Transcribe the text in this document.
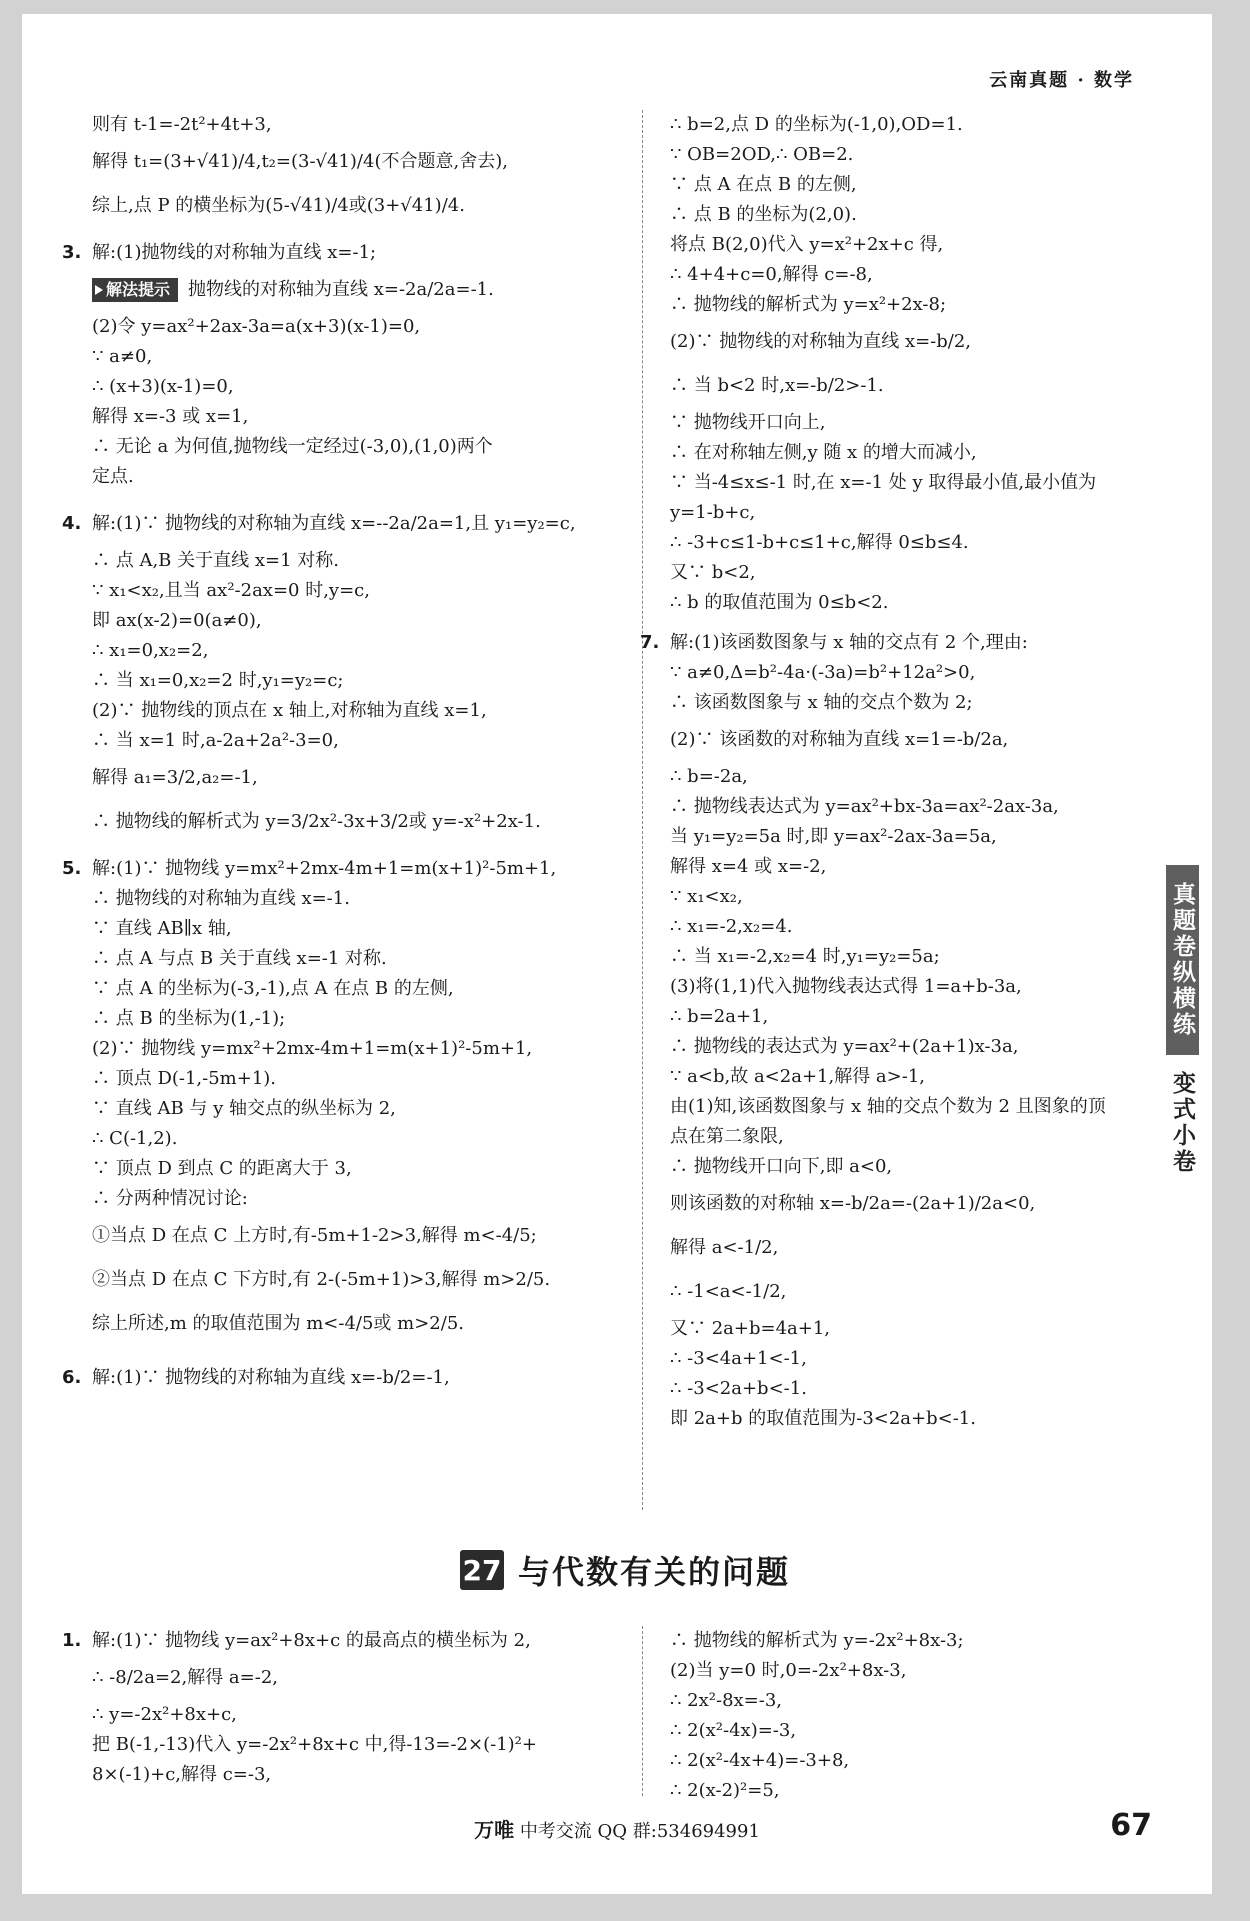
云南真题 · 数学
则有 t-1=-2t²+4t+3,
解得 t₁=(3+√41)/4,t₂=(3-√41)/4(不合题意,舍去),
综上,点 P 的横坐标为(5-√41)/4或(3+√41)/4.
3. 解:(1)抛物线的对称轴为直线 x=-1;
解法提示 抛物线的对称轴为直线 x=-2a/2a=-1.
(2)令 y=ax²+2ax-3a=a(x+3)(x-1)=0,
∵ a≠0,
∴ (x+3)(x-1)=0,
解得 x=-3 或 x=1,
∴ 无论 a 为何值,抛物线一定经过(-3,0),(1,0)两个
定点.
4. 解:(1)∵ 抛物线的对称轴为直线 x=--2a/2a=1,且 y₁=y₂=c,
∴ 点 A,B 关于直线 x=1 对称.
∵ x₁<x₂,且当 ax²-2ax=0 时,y=c,
即 ax(x-2)=0(a≠0),
∴ x₁=0,x₂=2,
∴ 当 x₁=0,x₂=2 时,y₁=y₂=c;
(2)∵ 抛物线的顶点在 x 轴上,对称轴为直线 x=1,
∴ 当 x=1 时,a-2a+2a²-3=0,
解得 a₁=3/2,a₂=-1,
∴ 抛物线的解析式为 y=3/2x²-3x+3/2或 y=-x²+2x-1.
5. 解:(1)∵ 抛物线 y=mx²+2mx-4m+1=m(x+1)²-5m+1,
∴ 抛物线的对称轴为直线 x=-1.
∵ 直线 AB∥x 轴,
∴ 点 A 与点 B 关于直线 x=-1 对称.
∵ 点 A 的坐标为(-3,-1),点 A 在点 B 的左侧,
∴ 点 B 的坐标为(1,-1);
(2)∵ 抛物线 y=mx²+2mx-4m+1=m(x+1)²-5m+1,
∴ 顶点 D(-1,-5m+1).
∵ 直线 AB 与 y 轴交点的纵坐标为 2,
∴ C(-1,2).
∵ 顶点 D 到点 C 的距离大于 3,
∴ 分两种情况讨论:
①当点 D 在点 C 上方时,有-5m+1-2>3,解得 m<-4/5;
②当点 D 在点 C 下方时,有 2-(-5m+1)>3,解得 m>2/5.
综上所述,m 的取值范围为 m<-4/5或 m>2/5.
6. 解:(1)∵ 抛物线的对称轴为直线 x=-b/2=-1,
∴ b=2,点 D 的坐标为(-1,0),OD=1.
∵ OB=2OD,∴ OB=2.
∵ 点 A 在点 B 的左侧,
∴ 点 B 的坐标为(2,0).
将点 B(2,0)代入 y=x²+2x+c 得,
∴ 4+4+c=0,解得 c=-8,
∴ 抛物线的解析式为 y=x²+2x-8;
(2)∵ 抛物线的对称轴为直线 x=-b/2,
∴ 当 b<2 时,x=-b/2>-1.
∵ 抛物线开口向上,
∴ 在对称轴左侧,y 随 x 的增大而减小,
∵ 当-4≤x≤-1 时,在 x=-1 处 y 取得最小值,最小值为
y=1-b+c,
∴ -3+c≤1-b+c≤1+c,解得 0≤b≤4.
又∵ b<2,
∴ b 的取值范围为 0≤b<2.
7. 解:(1)该函数图象与 x 轴的交点有 2 个,理由:
∵ a≠0,Δ=b²-4a·(-3a)=b²+12a²>0,
∴ 该函数图象与 x 轴的交点个数为 2;
(2)∵ 该函数的对称轴为直线 x=1=-b/2a,
∴ b=-2a,
∴ 抛物线表达式为 y=ax²+bx-3a=ax²-2ax-3a,
当 y₁=y₂=5a 时,即 y=ax²-2ax-3a=5a,
解得 x=4 或 x=-2,
∵ x₁<x₂,
∴ x₁=-2,x₂=4.
∴ 当 x₁=-2,x₂=4 时,y₁=y₂=5a;
(3)将(1,1)代入抛物线表达式得 1=a+b-3a,
∴ b=2a+1,
∴ 抛物线的表达式为 y=ax²+(2a+1)x-3a,
∵ a<b,故 a<2a+1,解得 a>-1,
由(1)知,该函数图象与 x 轴的交点个数为 2 且图象的顶
点在第二象限,
∴ 抛物线开口向下,即 a<0,
则该函数的对称轴 x=-b/2a=-(2a+1)/2a<0,
解得 a<-1/2,
∴ -1<a<-1/2,
又∵ 2a+b=4a+1,
∴ -3<4a+1<-1,
∴ -3<2a+b<-1.
即 2a+b 的取值范围为-3<2a+b<-1.
27 与代数有关的问题
1. 解:(1)∵ 抛物线 y=ax²+8x+c 的最高点的横坐标为 2,
∴ -8/2a=2,解得 a=-2,
∴ y=-2x²+8x+c,
把 B(-1,-13)代入 y=-2x²+8x+c 中,得-13=-2×(-1)²+
8×(-1)+c,解得 c=-3,
∴ 抛物线的解析式为 y=-2x²+8x-3;
(2)当 y=0 时,0=-2x²+8x-3,
∴ 2x²-8x=-3,
∴ 2(x²-4x)=-3,
∴ 2(x²-4x+4)=-3+8,
∴ 2(x-2)²=5,
万唯 中考交流 QQ 群:534694991	67
真题卷纵横练
变式小卷
